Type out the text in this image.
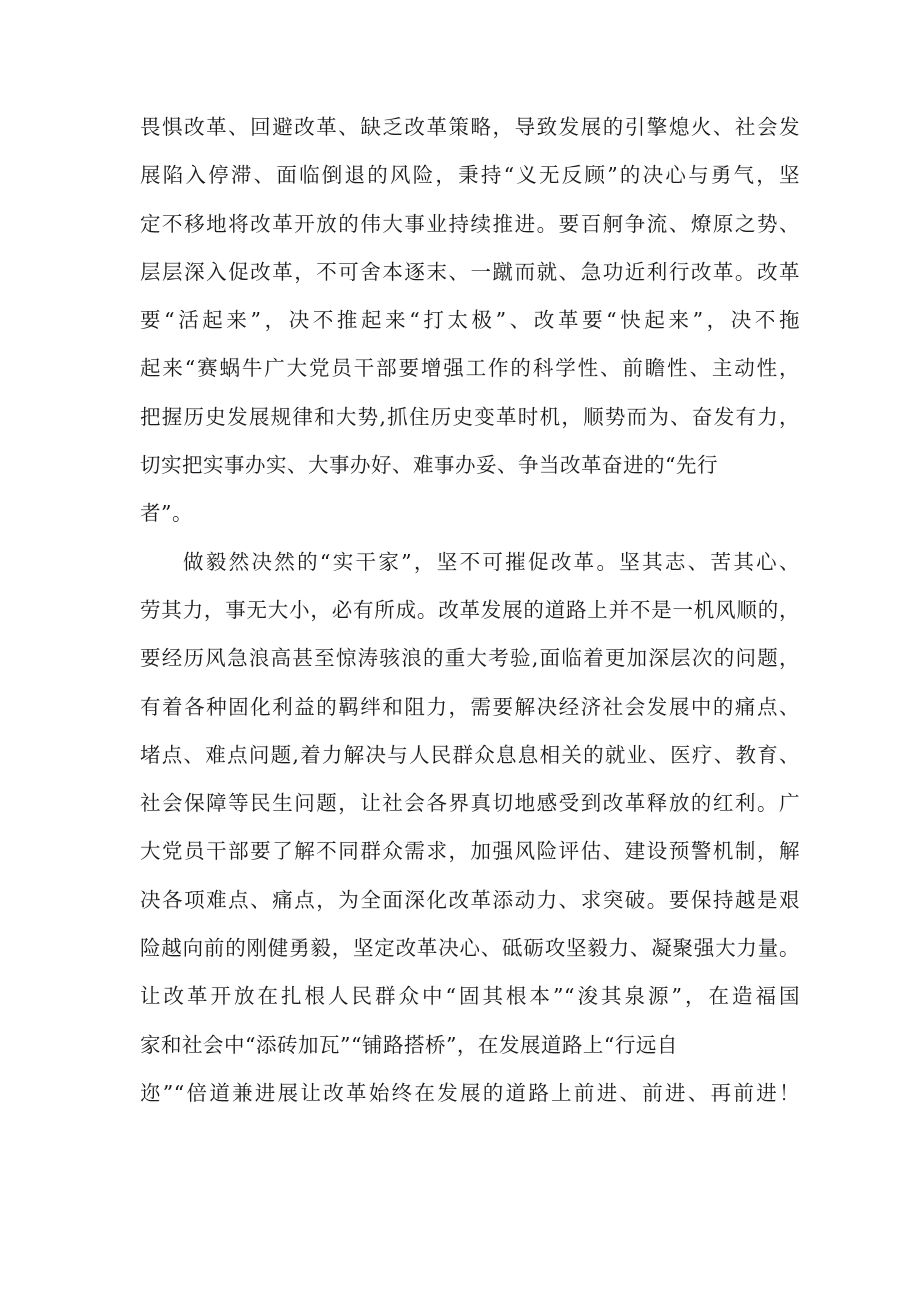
畏惧改革、回避改革、缺乏改革策略，导致发展的引擎熄火、社会发
展陷入停滞、面临倒退的风险，秉持“义无反顾”的决心与勇气，坚
定不移地将改革开放的伟大事业持续推进。要百舸争流、燎原之势、
层层深入促改革，不可舍本逐末、一蹴而就、急功近利行改革。改革
要“活起来”，决不推起来“打太极”、改革要“快起来”，决不拖
起来“赛蜗牛广大党员干部要增强工作的科学性、前瞻性、主动性，
把握历史发展规律和大势,抓住历史变革时机，顺势而为、奋发有力，
切实把实事办实、大事办好、难事办妥、争当改革奋进的“先行
者”。
做毅然决然的“实干家”，坚不可摧促改革。坚其志、苦其心、
劳其力，事无大小，必有所成。改革发展的道路上并不是一机风顺的，
要经历风急浪高甚至惊涛骇浪的重大考验,面临着更加深层次的问题，
有着各种固化利益的羁绊和阻力，需要解决经济社会发展中的痛点、
堵点、难点问题,着力解决与人民群众息息相关的就业、医疗、教育、
社会保障等民生问题，让社会各界真切地感受到改革释放的红利。广
大党员干部要了解不同群众需求，加强风险评估、建设预警机制，解
决各项难点、痛点，为全面深化改革添动力、求突破。要保持越是艰
险越向前的刚健勇毅，坚定改革决心、砥砺攻坚毅力、凝聚强大力量。
让改革开放在扎根人民群众中“固其根本”“浚其泉源”，在造福国
家和社会中“添砖加瓦”“铺路搭桥”，在发展道路上“行远自
迩”“倍道兼进展让改革始终在发展的道路上前进、前进、再前进！
